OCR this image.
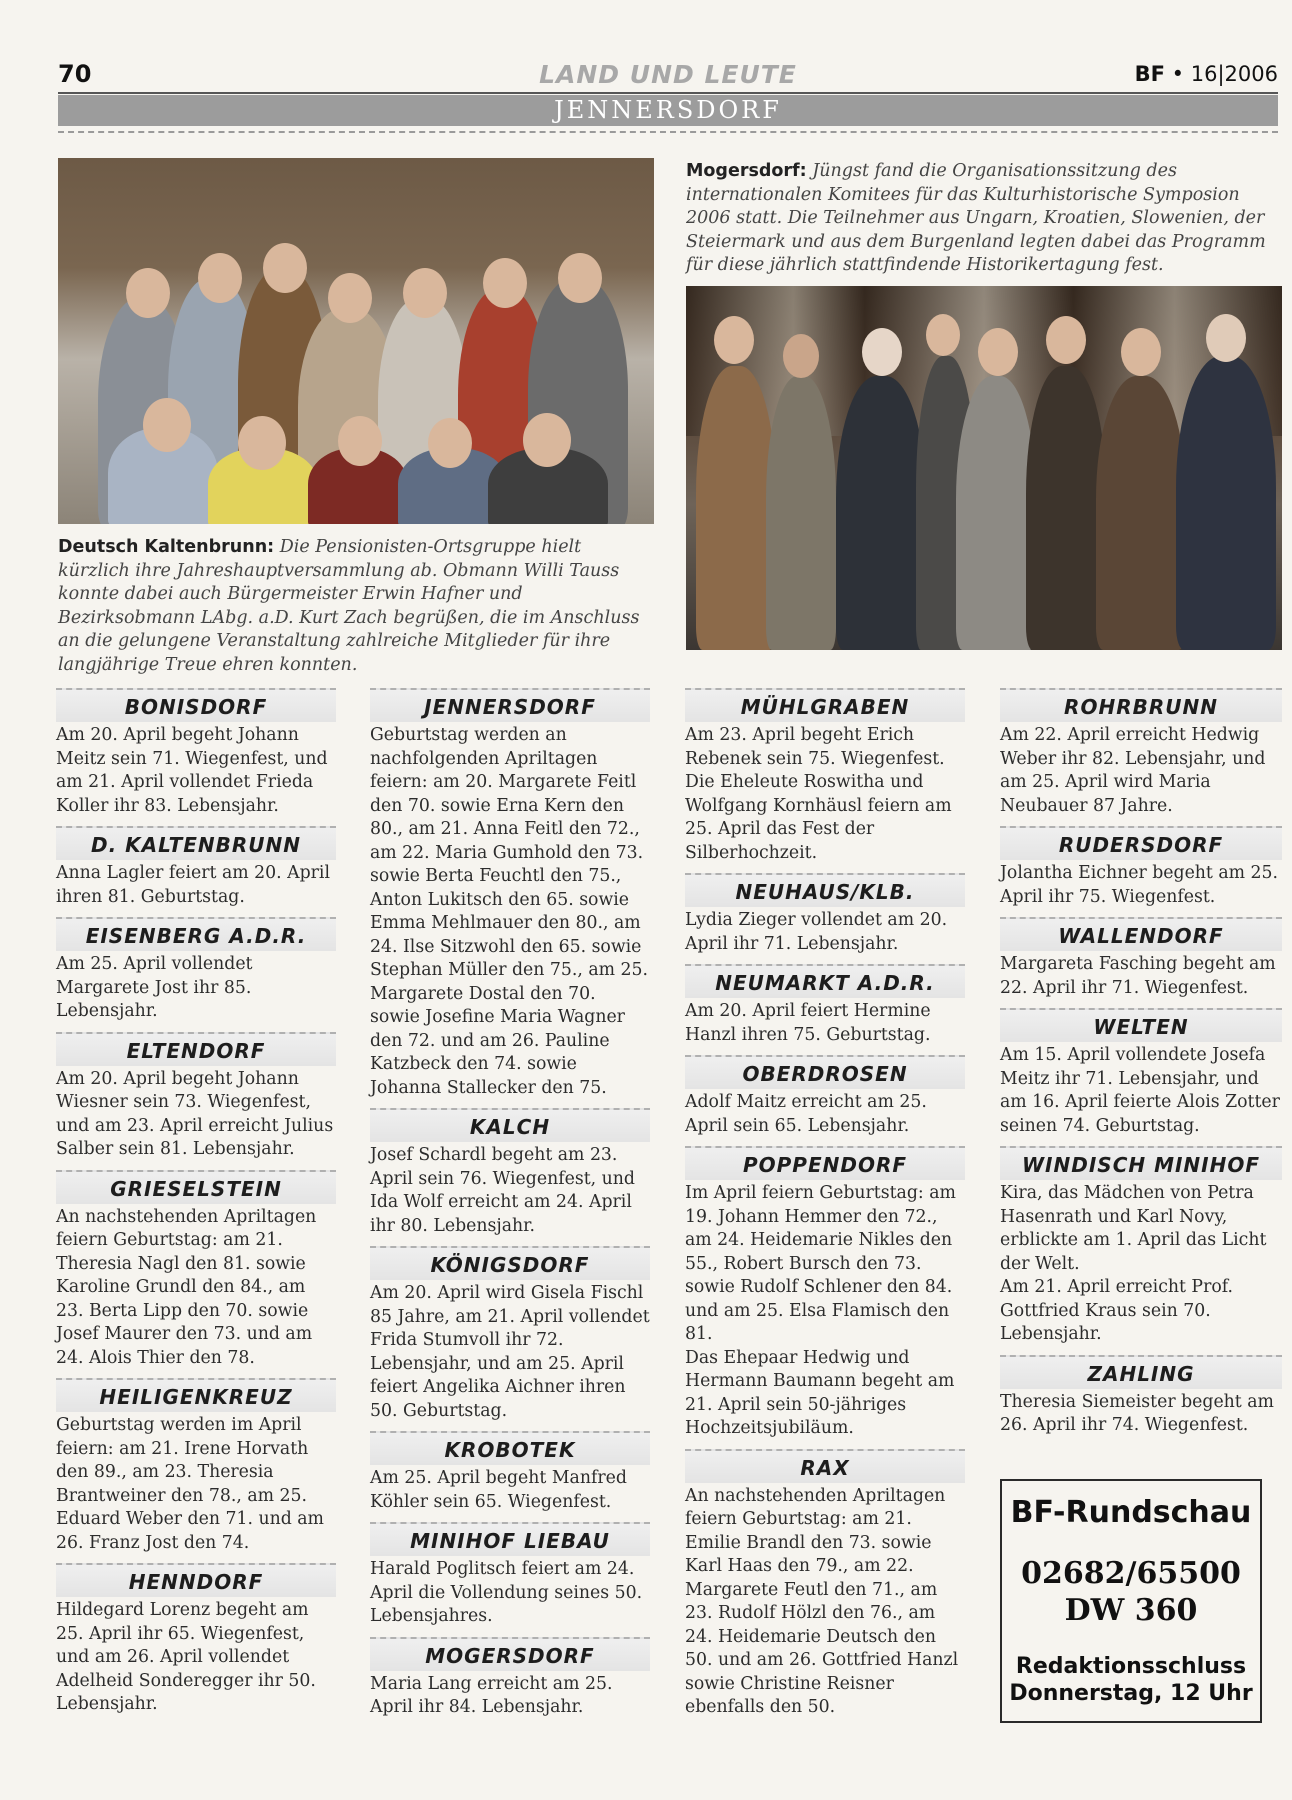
70	LAND UND LEUTE	BF • 16|2006
JENNERSDORF
Deutsch Kaltenbrunn: Die Pensionisten-Ortsgruppe hielt kürzlich ihre Jahreshauptversammlung ab. Obmann Willi Tauss konnte dabei auch Bürgermeister Erwin Hafner und Bezirksobmann LAbg. a.D. Kurt Zach begrüßen, die im Anschluss an die gelungene Veranstaltung zahlreiche Mitglieder für ihre langjährige Treue ehren konnten.
Mogersdorf: Jüngst fand die Organisationssitzung des internationalen Komitees für das Kulturhistorische Symposion 2006 statt. Die Teilnehmer aus Ungarn, Kroatien, Slowenien, der Steiermark und aus dem Burgenland legten dabei das Programm für diese jährlich stattfindende Historikertagung fest.
BONISDORF
Am 20. April begeht Johann Meitz sein 71. Wiegenfest, und am 21. April vollendet Frieda Koller ihr 83. Lebensjahr.
D. KALTENBRUNN
Anna Lagler feiert am 20. April ihren 81. Geburtstag.
EISENBERG A.D.R.
Am 25. April vollendet Margarete Jost ihr 85. Lebensjahr.
ELTENDORF
Am 20. April begeht Johann Wiesner sein 73. Wiegenfest, und am 23. April erreicht Julius Salber sein 81. Lebensjahr.
GRIESELSTEIN
An nachstehenden Apriltagen feiern Geburtstag: am 21. Theresia Nagl den 81. sowie Karoline Grundl den 84., am 23. Berta Lipp den 70. sowie Josef Maurer den 73. und am 24. Alois Thier den 78.
HEILIGENKREUZ
Geburtstag werden im April feiern: am 21. Irene Horvath den 89., am 23. Theresia Brantweiner den 78., am 25. Eduard Weber den 71. und am 26. Franz Jost den 74.
HENNDORF
Hildegard Lorenz begeht am 25. April ihr 65. Wiegenfest, und am 26. April vollendet Adelheid Sonderegger ihr 50. Lebensjahr.
JENNERSDORF
Geburtstag werden an nachfolgenden Apriltagen feiern: am 20. Margarete Feitl den 70. sowie Erna Kern den 80., am 21. Anna Feitl den 72., am 22. Maria Gumhold den 73. sowie Berta Feuchtl den 75., Anton Lukitsch den 65. sowie Emma Mehlmauer den 80., am 24. Ilse Sitzwohl den 65. sowie Stephan Müller den 75., am 25. Margarete Dostal den 70. sowie Josefine Maria Wagner den 72. und am 26. Pauline Katzbeck den 74. sowie Johanna Stallecker den 75.
KALCH
Josef Schardl begeht am 23. April sein 76. Wiegenfest, und Ida Wolf erreicht am 24. April ihr 80. Lebensjahr.
KÖNIGSDORF
Am 20. April wird Gisela Fischl 85 Jahre, am 21. April vollendet Frida Stumvoll ihr 72. Lebensjahr, und am 25. April feiert Angelika Aichner ihren 50. Geburtstag.
KROBOTEK
Am 25. April begeht Manfred Köhler sein 65. Wiegenfest.
MINIHOF LIEBAU
Harald Poglitsch feiert am 24. April die Vollendung seines 50. Lebensjahres.
MOGERSDORF
Maria Lang erreicht am 25. April ihr 84. Lebensjahr.
MÜHLGRABEN
Am 23. April begeht Erich Rebenek sein 75. Wiegenfest.
Die Eheleute Roswitha und Wolfgang Kornhäusl feiern am 25. April das Fest der Silberhochzeit.
NEUHAUS/KLB.
Lydia Zieger vollendet am 20. April ihr 71. Lebensjahr.
NEUMARKT A.D.R.
Am 20. April feiert Hermine Hanzl ihren 75. Geburtstag.
OBERDROSEN
Adolf Maitz erreicht am 25. April sein 65. Lebensjahr.
POPPENDORF
Im April feiern Geburtstag: am 19. Johann Hemmer den 72., am 24. Heidemarie Nikles den 55., Robert Bursch den 73. sowie Rudolf Schlener den 84. und am 25. Elsa Flamisch den 81.
Das Ehepaar Hedwig und Hermann Baumann begeht am 21. April sein 50-jähriges Hochzeitsjubiläum.
RAX
An nachstehenden Apriltagen feiern Geburtstag: am 21. Emilie Brandl den 73. sowie Karl Haas den 79., am 22. Margarete Feutl den 71., am 23. Rudolf Hölzl den 76., am 24. Heidemarie Deutsch den 50. und am 26. Gottfried Hanzl sowie Christine Reisner ebenfalls den 50.
ROHRBRUNN
Am 22. April erreicht Hedwig Weber ihr 82. Lebensjahr, und am 25. April wird Maria Neubauer 87 Jahre.
RUDERSDORF
Jolantha Eichner begeht am 25. April ihr 75. Wiegenfest.
WALLENDORF
Margareta Fasching begeht am 22. April ihr 71. Wiegenfest.
WELTEN
Am 15. April vollendete Josefa Meitz ihr 71. Lebensjahr, und am 16. April feierte Alois Zotter seinen 74. Geburtstag.
WINDISCH MINIHOF
Kira, das Mädchen von Petra Hasenrath und Karl Novy, erblickte am 1. April das Licht der Welt.
Am 21. April erreicht Prof. Gottfried Kraus sein 70. Lebensjahr.
ZAHLING
Theresia Siemeister begeht am 26. April ihr 74. Wiegenfest.
BF-Rundschau
02682/65500
DW 360
Redaktionsschluss
Donnerstag, 12 Uhr
